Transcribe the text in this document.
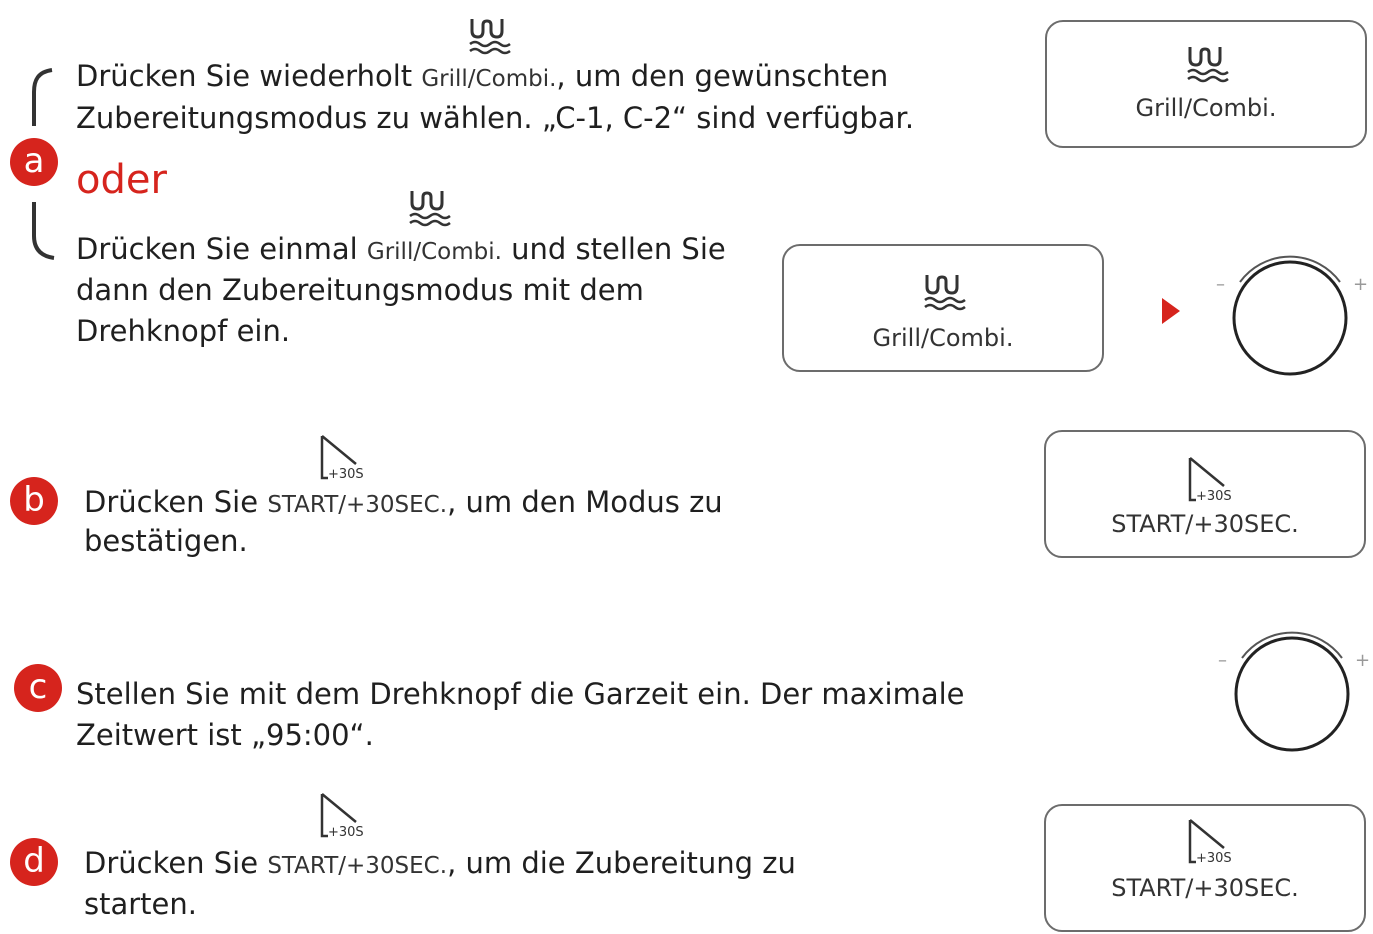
a
Drücken Sie wiederholt Grill/Combi., um den gewünschten
Zubereitungsmodus zu wählen. „C-1, C-2“ sind verfügbar.
oder
Drücken Sie einmal Grill/Combi. und stellen Sie
dann den Zubereitungsmodus mit dem
Drehknopf ein.
Grill/Combi.
Grill/Combi.
–	+
b
+30S
Drücken Sie START/+30SEC., um den Modus zu
bestätigen.
+30S
START/+30SEC.
c Stellen Sie mit dem Drehknopf die Garzeit ein. Der maximale
Zeitwert ist „95:00“.
–	+
d
+30S
Drücken Sie START/+30SEC., um die Zubereitung zu
starten.
+30S
START/+30SEC.
